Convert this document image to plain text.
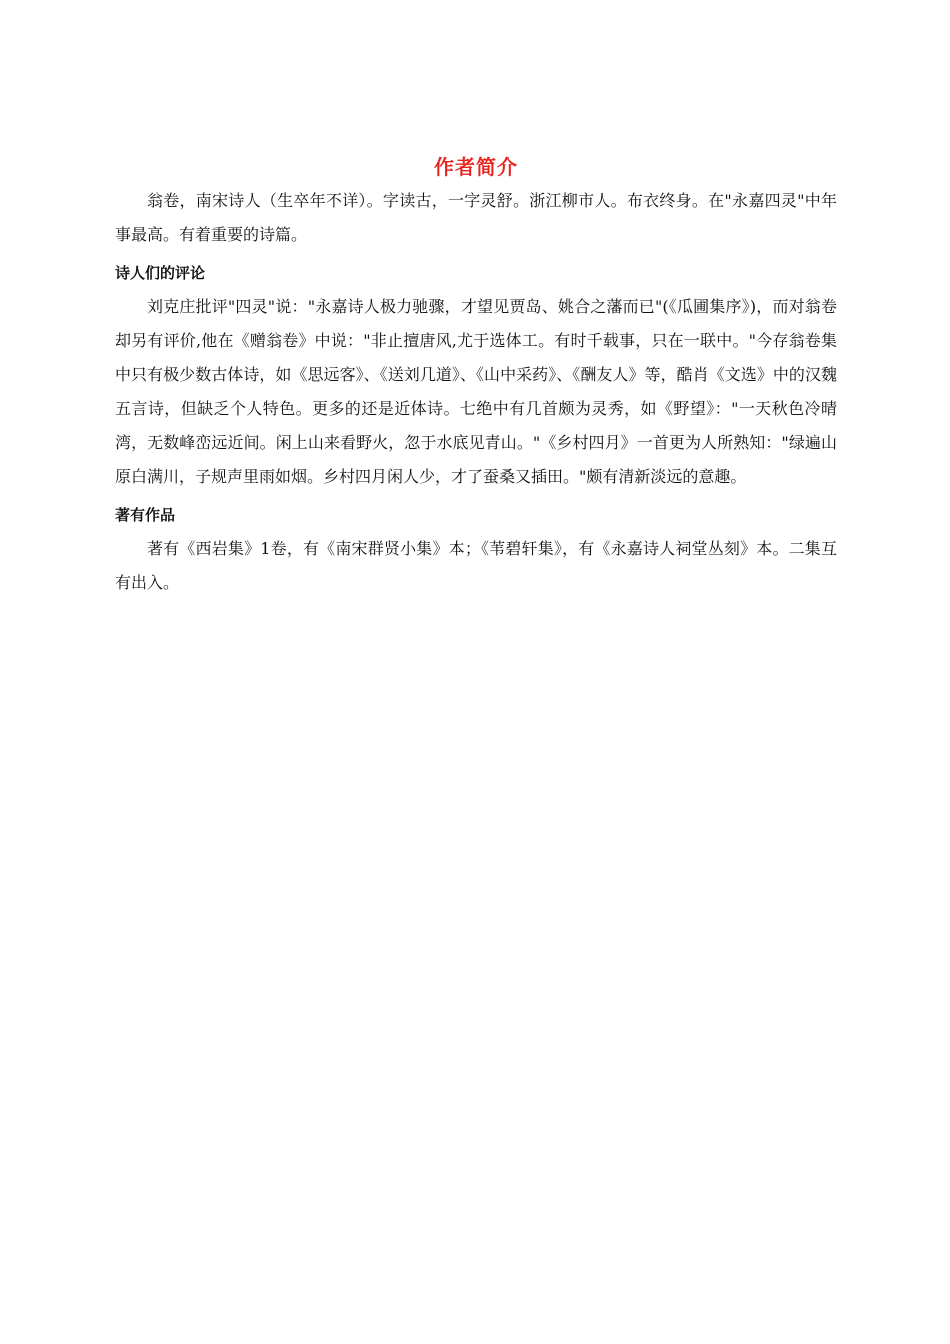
作者简介

翁卷，南宋诗人（生卒年不详）。字读古，一字灵舒。浙江柳市人。布衣终身。在"永嘉四灵"中年事最高。有着重要的诗篇。

诗人们的评论

刘克庄批评"四灵"说："永嘉诗人极力驰骤，才望见贾岛、姚合之藩而已"(《瓜圃集序》)，而对翁卷却另有评价,他在《赠翁卷》中说："非止擅唐风,尤于选体工。有时千载事，只在一联中。"今存翁卷集中只有极少数古体诗，如《思远客》、《送刘几道》、《山中采药》、《酬友人》等，酷肖《文选》中的汉魏五言诗，但缺乏个人特色。更多的还是近体诗。七绝中有几首颇为灵秀，如《野望》："一天秋色冷晴湾，无数峰峦远近间。闲上山来看野火，忽于水底见青山。"《乡村四月》一首更为人所熟知："绿遍山原白满川，子规声里雨如烟。乡村四月闲人少，才了蚕桑又插田。"颇有清新淡远的意趣。

著有作品

著有《西岩集》1卷，有《南宋群贤小集》本；《苇碧轩集》，有《永嘉诗人祠堂丛刻》本。二集互有出入。
